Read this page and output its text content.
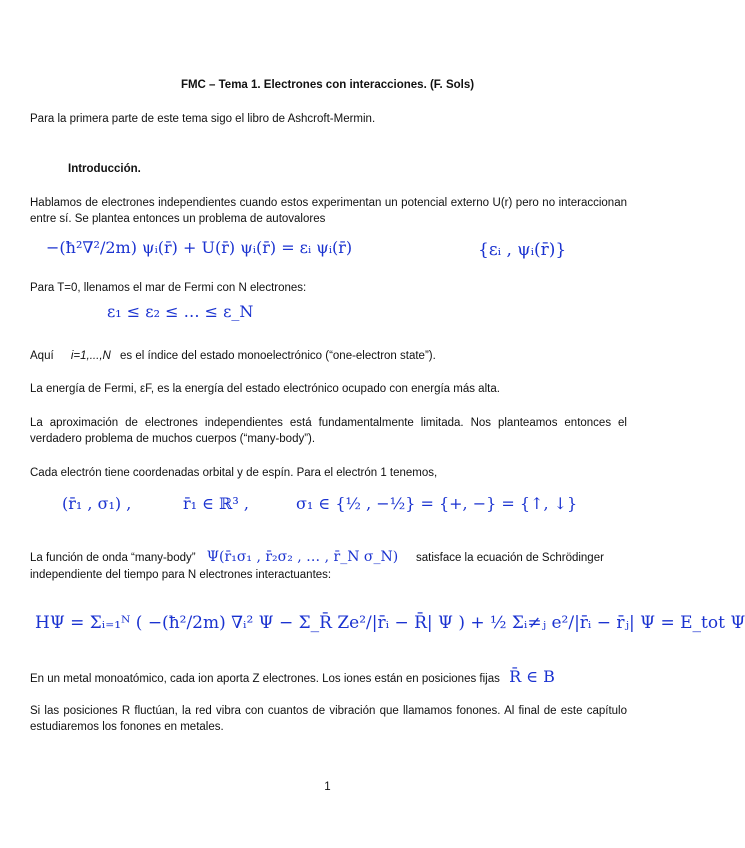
FMC – Tema 1. Electrones con interacciones. (F. Sols)
Para la primera parte de este tema sigo el libro de Ashcroft-Mermin.
Introducción.
Hablamos de electrones independientes cuando estos experimentan un potencial externo U(r) pero no interaccionan entre sí. Se plantea entonces un problema de autovalores
−(ħ²∇²/2m) ψᵢ(r̄) + U(r̄) ψᵢ(r̄) = εᵢ ψᵢ(r̄)	{εᵢ , ψᵢ(r̄)}
Para T=0, llenamos el mar de Fermi con N electrones:
ε₁ ≤ ε₂ ≤ … ≤ ε_N
Aquí i=1,...,N es el índice del estado monoelectrónico (“one-electron state”).
La energía de Fermi, εF, es la energía del estado electrónico ocupado con energía más alta.
La aproximación de electrones independientes está fundamentalmente limitada. Nos planteamos entonces el verdadero problema de muchos cuerpos (“many-body”).
Cada electrón tiene coordenadas orbital y de espín. Para el electrón 1 tenemos,
(r̄₁ , σ₁) ,	r̄₁ ∈ ℝ³ ,	σ₁ ∈ {½ , −½} = {+, −} = {↑, ↓}
La función de onda “many-body” Ψ(r̄₁σ₁ , r̄₂σ₂ , … , r̄_N σ_N) satisface la ecuación de Schrödinger
independiente del tiempo para N electrones interactuantes:
HΨ = Σᵢ₌₁ᴺ ( −(ħ²/2m) ∇ᵢ² Ψ − Σ_R̄ Ze²/|r̄ᵢ − R̄| Ψ ) + ½ Σᵢ≠ⱼ e²/|r̄ᵢ − r̄ⱼ| Ψ = E_tot Ψ
En un metal monoatómico, cada ion aporta Z electrones. Los iones están en posiciones fijas R̄ ∈ B
Si las posiciones R fluctúan, la red vibra con cuantos de vibración que llamamos fonones. Al final de este capítulo estudiaremos los fonones en metales.
1
